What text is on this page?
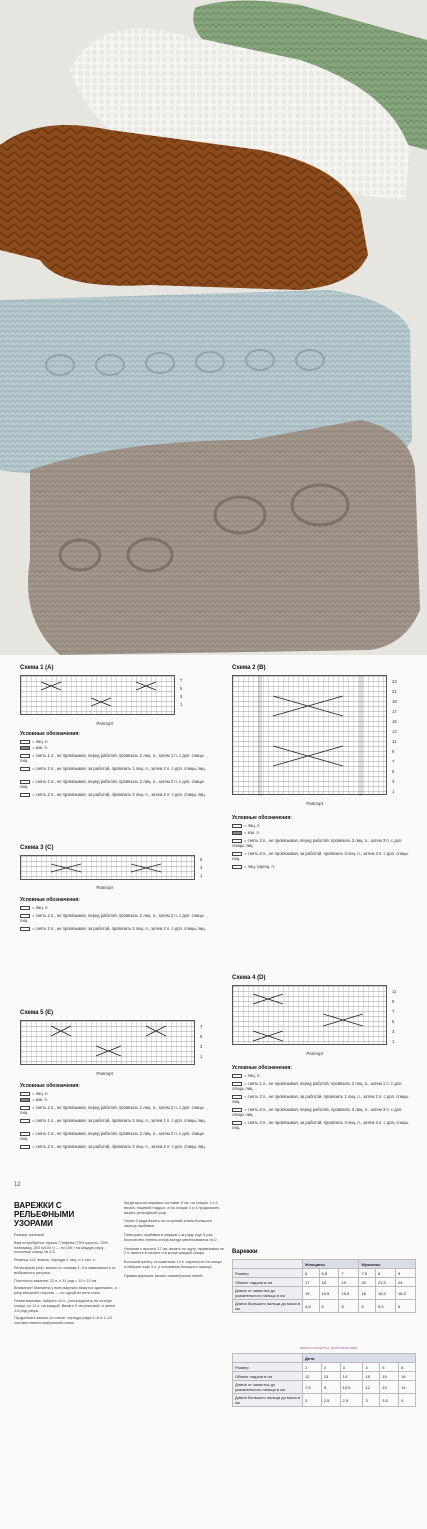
Схема 1 (А)
7
5
3
1
Раппорт
Условные обозначения:
= лиц. п.
= изн. п.
= снять 1 п., не провязывая, перед работой, провязать 2 лиц. п., затем 1 п. с доп. спицы лиц.
= снять 2 п., не провязывая, за работой, провязать 1 лиц. п., затем 2 п. с доп. спицы лиц.
= снять 2 п., не провязывая, перед работой, провязать 2 лиц. п., затем 2 п. с доп. спицы лиц.
= снять 2 п., не провязывая, за работой, провязать 2 лиц. п., затем 2 п. с доп. спицы лиц.
Схема 2 (В)
23
21
19
17
15
13
11
9
7
5
3
1
Раппорт
Условные обозначения:
= лиц. п.
= изн. п.
= снять 3 п., не провязывая, перед работой, провязать 3 лиц. п., затем 3 п. с доп. спицы лиц.
= снять 3 п., не провязывая, за работой, провязать 3 лиц. п., затем 3 п. с доп. спицы лиц.
= лиц. скрещ. п.
Схема 3 (С)
5
3
1
Раппорт
Условные обозначения:
= лиц. п.
= снять 2 п., не провязывая, перед работой, провязать 2 лиц. п., затем 2 п. с доп. спицы лиц.
= снять 2 п., не провязывая, за работой, провязать 2 лиц. п., затем 2 п. с доп. спицы лиц.
Схема 4 (D)
11
9
7
5
3
1
Раппорт
Условные обозначения:
= лиц. п.
= снять 1 п., не провязывая, перед работой, провязать 2 лиц. п., затем 1 п. с доп. спицы лиц.
= снять 2 п., не провязывая, за работой, провязать 1 лиц. п., затем 2 п. с доп. спицы лиц.
= снять 3 п., не провязывая, перед работой, провязать 3 лиц. п., затем 3 п. с доп. спицы лиц.
= снять 3 п., не провязывая, за работой, провязать 3 лиц. п., затем 3 п. с доп. спицы лиц.
Схема 5 (Е)
7
5
3
1
Раппорт
Условные обозначения:
= лиц. п.
= изн. п.
= снять 2 п., не провязывая, перед работой, провязать 1 лиц. п., затем 2 п. с доп. спицы лиц.
= снять 1 п., не провязывая, за работой, провязать 2 лиц. п., затем 1 п. с доп. спицы лиц.
= снять 2 п., не провязывая, перед работой, провязать 2 лиц. п., затем 2 п. с доп. спицы лиц.
= снять 2 п., не провязывая, за работой, провязать 2 лиц. п., затем 2 п. с доп. спицы лиц.
12
ВАРЕЖКИ С РЕЛЬЕФНЫМИ УЗОРАМИ
Размер: женский
Вам потребуется: пряжа 7 Veljesta (75% шерсть, 25% полиамид, 200 м/100 г) — по 100 г на каждую пару; носочные спицы № 3,5.
Резинка 1x1: вязать, чередуя 1 лиц. и 1 изн. п.
Рельефный узор: вязать по схемам 1–5 в зависимости от выбранного рисунка.
Плотность вязания: 22 п. х 31 ряд = 10 х 10 см.
Внимание! Манжеты у всех варежек вяжутся одинаково, а узор внешней стороны — по одной из пяти схем.
Левая варежка: набрать 44 п., распределить на четыре спицы, по 11 п. на каждой. Вязать 5 см резинкой, а затем 1-й ряд узора.
Продолжить вязать по схеме, чередуя ряды 1–8 и 1–24 соответственно выбранной схеме.
Когда высота варежки составит 9 см, на спицах 1 и 2 вязать лицевой гладью, а на спицах 3 и 4 продолжить вязать рельефный узор.
Через 2 ряда вязать по сторонам клина большого пальца прибавки.
Повторить прибавки в каждом 2-м ряду еще 5 раз. Количество петель клина всегда увеличивается на 2.
Начиная с высоты 17 см, вязать по кругу, провязывая по 2 п. вместе в начале и в конце каждой спицы.
Большой палец: отложенные 14 п. перенести на спицы и набрать еще 3 п. у основания большого пальца.
Правая варежка: вязать симметрично левой.
Варежки
	Женщины			Мужчины		
Размер	6	6,5	7	7,5	8	9
Обхват ладони в см	17	18	19	20	21,5	24
Длина от запястья до указательного пальца в см	15	15,5	15,5	16	16,5	16,5
Длина большого пальца до мыса в см	4,5	5	5	5	5,5	6
www.li.ru/users/i_lovehandmade
	Дети					
Размер	1	2	3	4	5	6
Обхват ладони в см	12	13	14	15	15	16
Длина от запястья до указательного пальца в см	7,5	9	10,5	12	13	14
Длина большого пальца до мыса в см	2	2,5	2,5	3	3,5	4
